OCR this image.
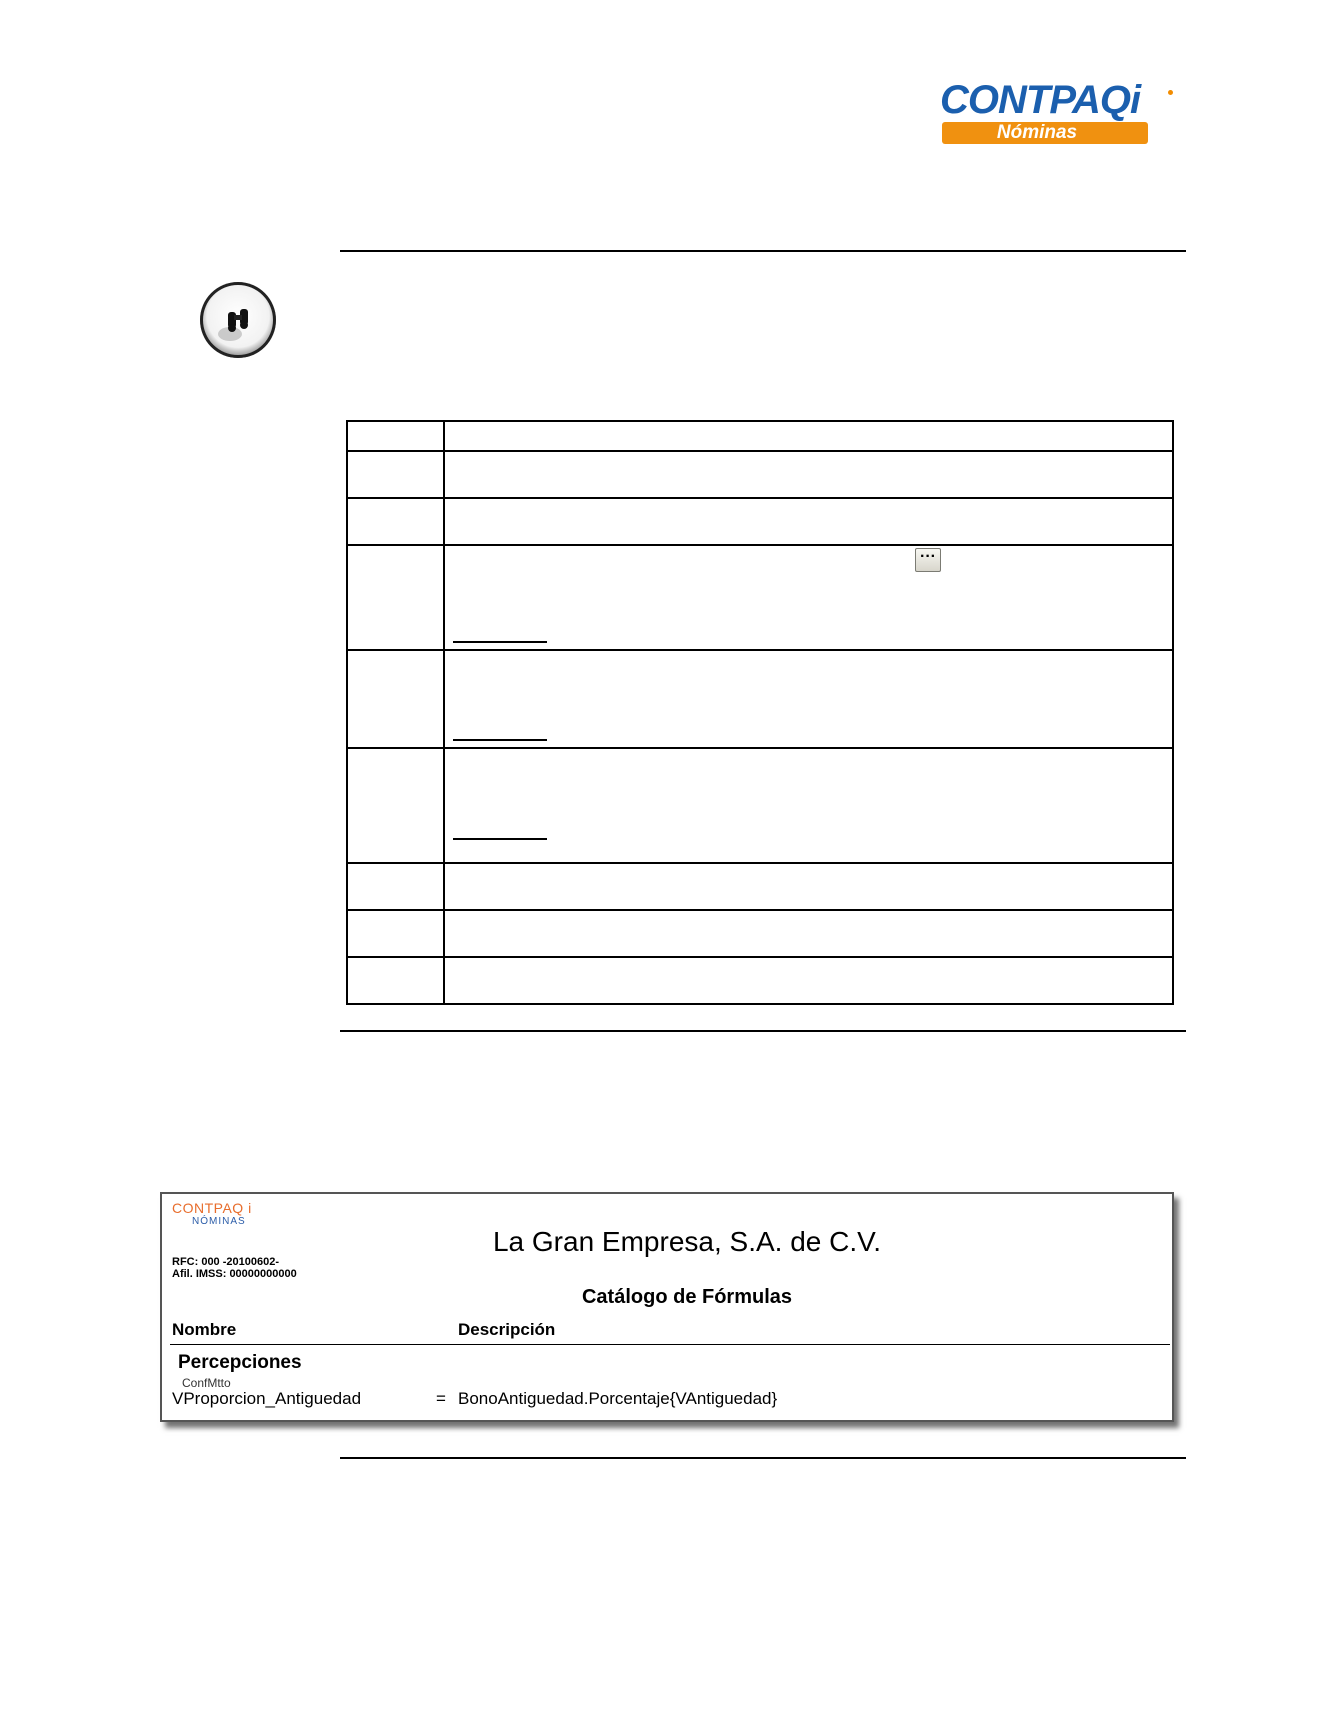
CONTPAQi
Nóminas

	···

CONTPAQ i
NÓMINAS
La Gran Empresa, S.A. de C.V.
RFC: 000 -20100602-
Afil. IMSS: 00000000000
Catálogo de Fórmulas
Nombre	Descripción
Percepciones
ConfMtto
VProporcion_Antiguedad	= BonoAntiguedad.Porcentaje{VAntiguedad}
